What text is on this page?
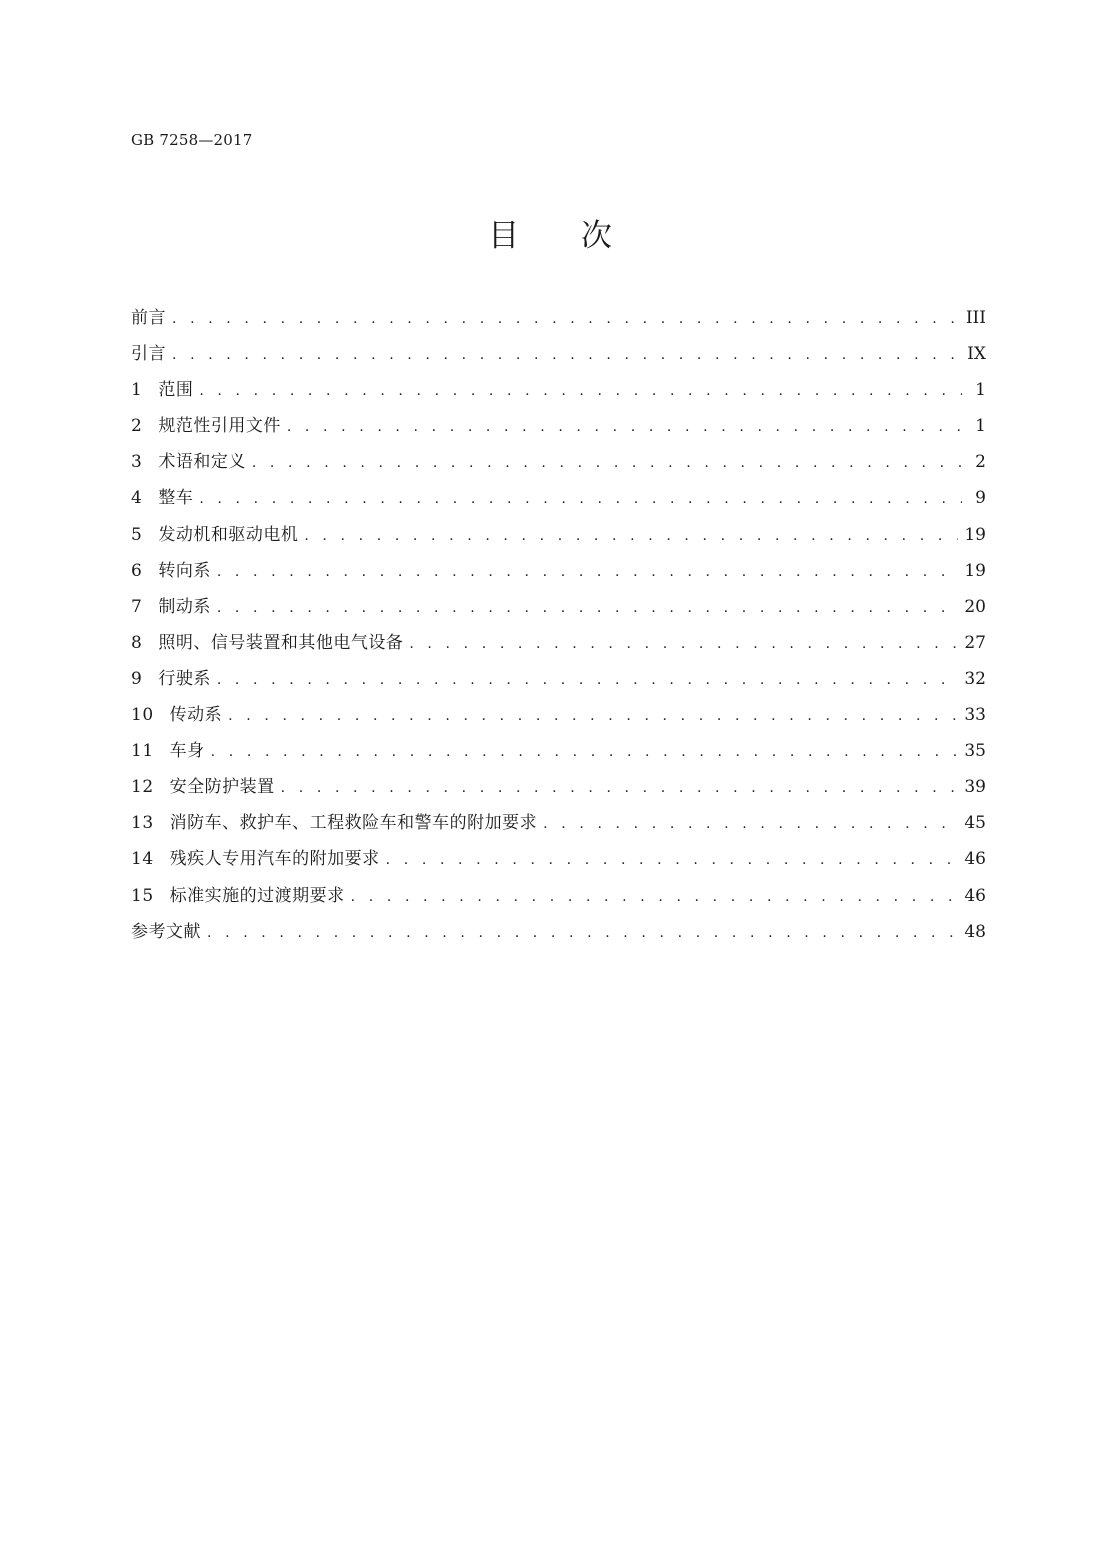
GB 7258—2017
目 次
前言 . . .	III
引言 . . .	IX
1 范围 . . .	1
2 规范性引用文件 . . .	1
3 术语和定义 . . .	2
4 整车 . . .	9
5 发动机和驱动电机 . . .	19
6 转向系 . . .	19
7 制动系 . . .	20
8 照明、信号装置和其他电气设备 . . .	27
9 行驶系 . . .	32
10 传动系 . . .	33
11 车身 . . .	35
12 安全防护装置 . . .	39
13 消防车、救护车、工程救险车和警车的附加要求 . . .	45
14 残疾人专用汽车的附加要求 . . .	46
15 标准实施的过渡期要求 . . .	46
参考文献 . . .	48
